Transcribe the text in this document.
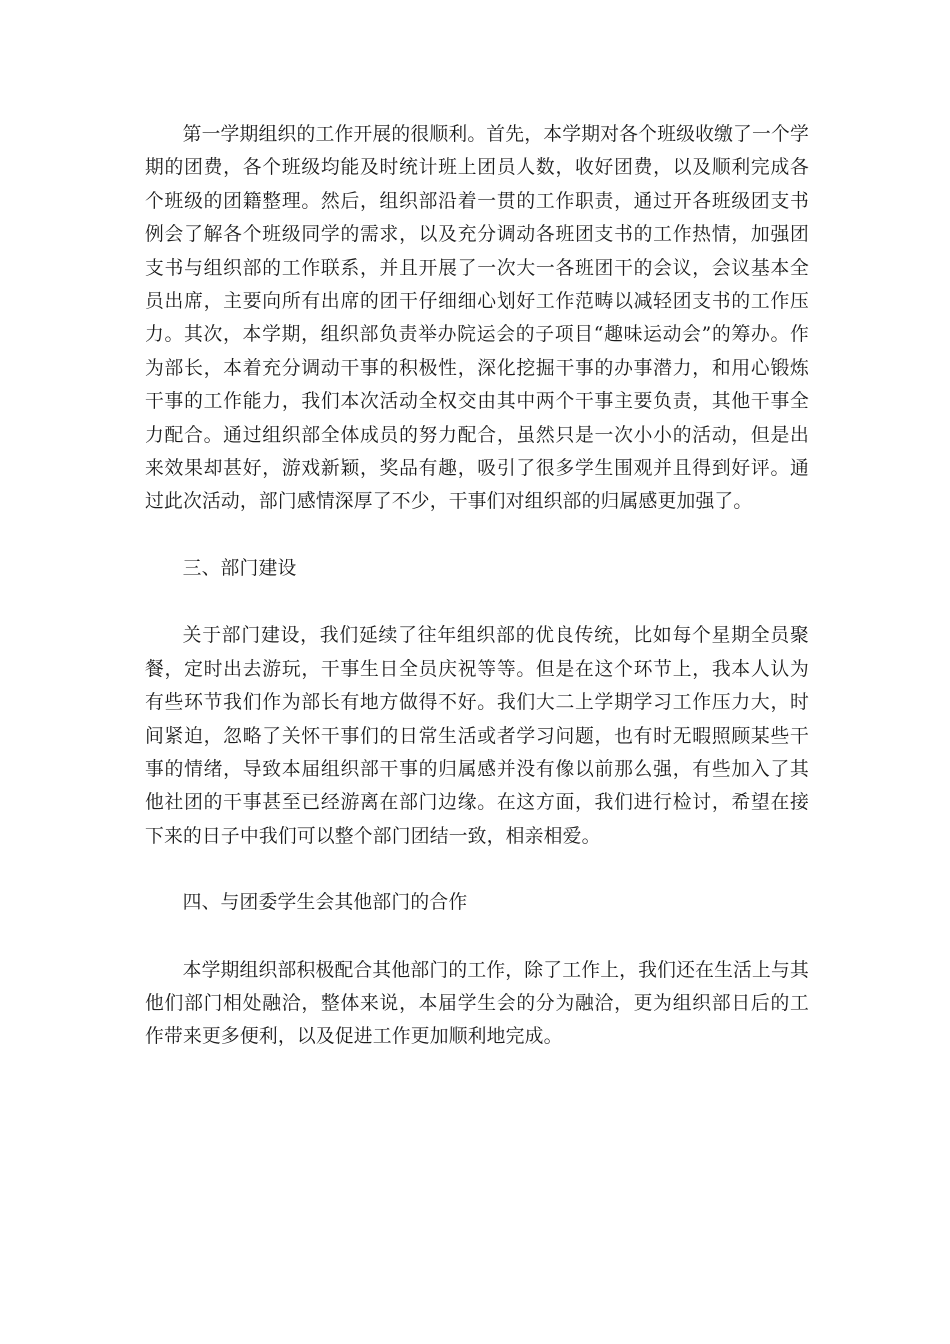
第一学期组织的工作开展的很顺利。首先，本学期对各个班级收缴了一个学期的团费，各个班级均能及时统计班上团员人数，收好团费，以及顺利完成各个班级的团籍整理。然后，组织部沿着一贯的工作职责，通过开各班级团支书例会了解各个班级同学的需求，以及充分调动各班团支书的工作热情，加强团支书与组织部的工作联系，并且开展了一次大一各班团干的会议，会议基本全员出席，主要向所有出席的团干仔细细心划好工作范畴以减轻团支书的工作压力。其次，本学期，组织部负责举办院运会的子项目“趣味运动会”的筹办。作为部长，本着充分调动干事的积极性，深化挖掘干事的办事潜力，和用心锻炼干事的工作能力，我们本次活动全权交由其中两个干事主要负责，其他干事全力配合。通过组织部全体成员的努力配合，虽然只是一次小小的活动，但是出来效果却甚好，游戏新颖，奖品有趣，吸引了很多学生围观并且得到好评。通过此次活动，部门感情深厚了不少，干事们对组织部的归属感更加强了。

三、部门建设

关于部门建设，我们延续了往年组织部的优良传统，比如每个星期全员聚餐，定时出去游玩，干事生日全员庆祝等等。但是在这个环节上，我本人认为有些环节我们作为部长有地方做得不好。我们大二上学期学习工作压力大，时间紧迫，忽略了关怀干事们的日常生活或者学习问题，也有时无暇照顾某些干事的情绪，导致本届组织部干事的归属感并没有像以前那么强，有些加入了其他社团的干事甚至已经游离在部门边缘。在这方面，我们进行检讨，希望在接下来的日子中我们可以整个部门团结一致，相亲相爱。

四、与团委学生会其他部门的合作

本学期组织部积极配合其他部门的工作，除了工作上，我们还在生活上与其他们部门相处融洽，整体来说，本届学生会的分为融洽，更为组织部日后的工作带来更多便利，以及促进工作更加顺利地完成。
